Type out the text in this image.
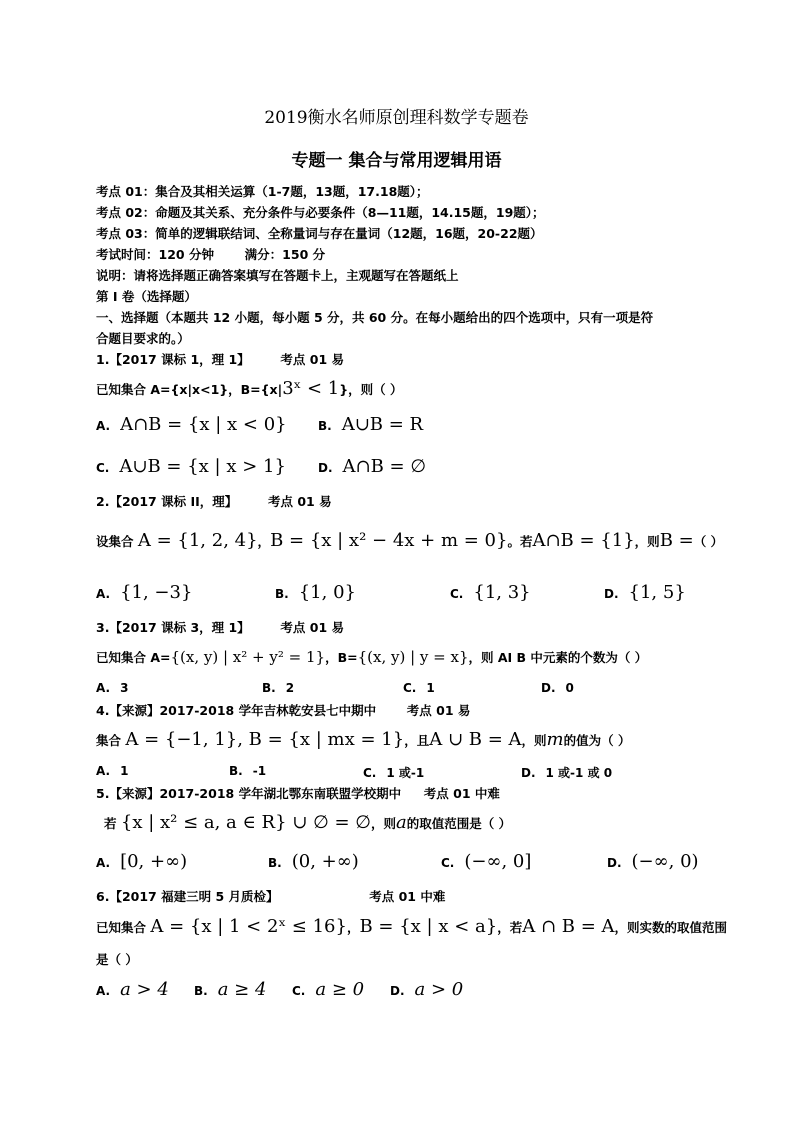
2019衡水名师原创理科数学专题卷
专题一 集合与常用逻辑用语
考点 01：集合及其相关运算（1-7题，13题，17.18题）；
考点 02：命题及其关系、充分条件与必要条件（8—11题，14.15题，19题）；
考点 03：简单的逻辑联结词、全称量词与存在量词（12题，16题，20-22题）
考试时间：120 分钟 满分：150 分
说明：请将选择题正确答案填写在答题卡上，主观题写在答题纸上
第 I 卷（选择题）
一、选择题（本题共 12 小题，每小题 5 分，共 60 分。在每小题给出的四个选项中，只有一项是符
合题目要求的。）
1.【2017 课标 1，理 1】 考点 01 易
已知集合 A={x|x<1}，B={x|3ˣ < 1}，则（ ）
A. A∩B = {x | x < 0}	B. A∪B = R
C. A∪B = {x | x > 1}	D. A∩B = ∅
2.【2017 课标 II，理】 考点 01 易
设集合 A = {1, 2, 4}，B = {x | x² − 4x + m = 0}。若A∩B = {1}，则B =（ ）
A. {1, −3}	B. {1, 0}	C. {1, 3}	D. {1, 5}
3.【2017 课标 3，理 1】 考点 01 易
已知集合 A={(x, y) | x² + y² = 1}，B={(x, y) | y = x}，则 AI B 中元素的个数为（ ）
A. 3	B. 2	C. 1	D. 0
4.【来源】2017-2018 学年吉林乾安县七中期中 考点 01 易
集合 A = {−1, 1}, B = {x | mx = 1}，且A ∪ B = A，则m的值为（ ）
A. 1	B. -1	C. 1 或-1	D. 1 或-1 或 0
5.【来源】2017-2018 学年湖北鄂东南联盟学校期中 考点 01 中难
若 {x | x² ≤ a, a ∈ R} ∪ ∅ = ∅，则a的取值范围是（ ）
A. [0, +∞)	B. (0, +∞)	C. (−∞, 0]	D. (−∞, 0)
6.【2017 福建三明 5 月质检】	考点 01 中难
已知集合 A = {x | 1 < 2ˣ ≤ 16}，B = {x | x < a}，若A ∩ B = A，则实数的取值范围
是（ ）
A. a > 4 B. a ≥ 4 C. a ≥ 0 D. a > 0
